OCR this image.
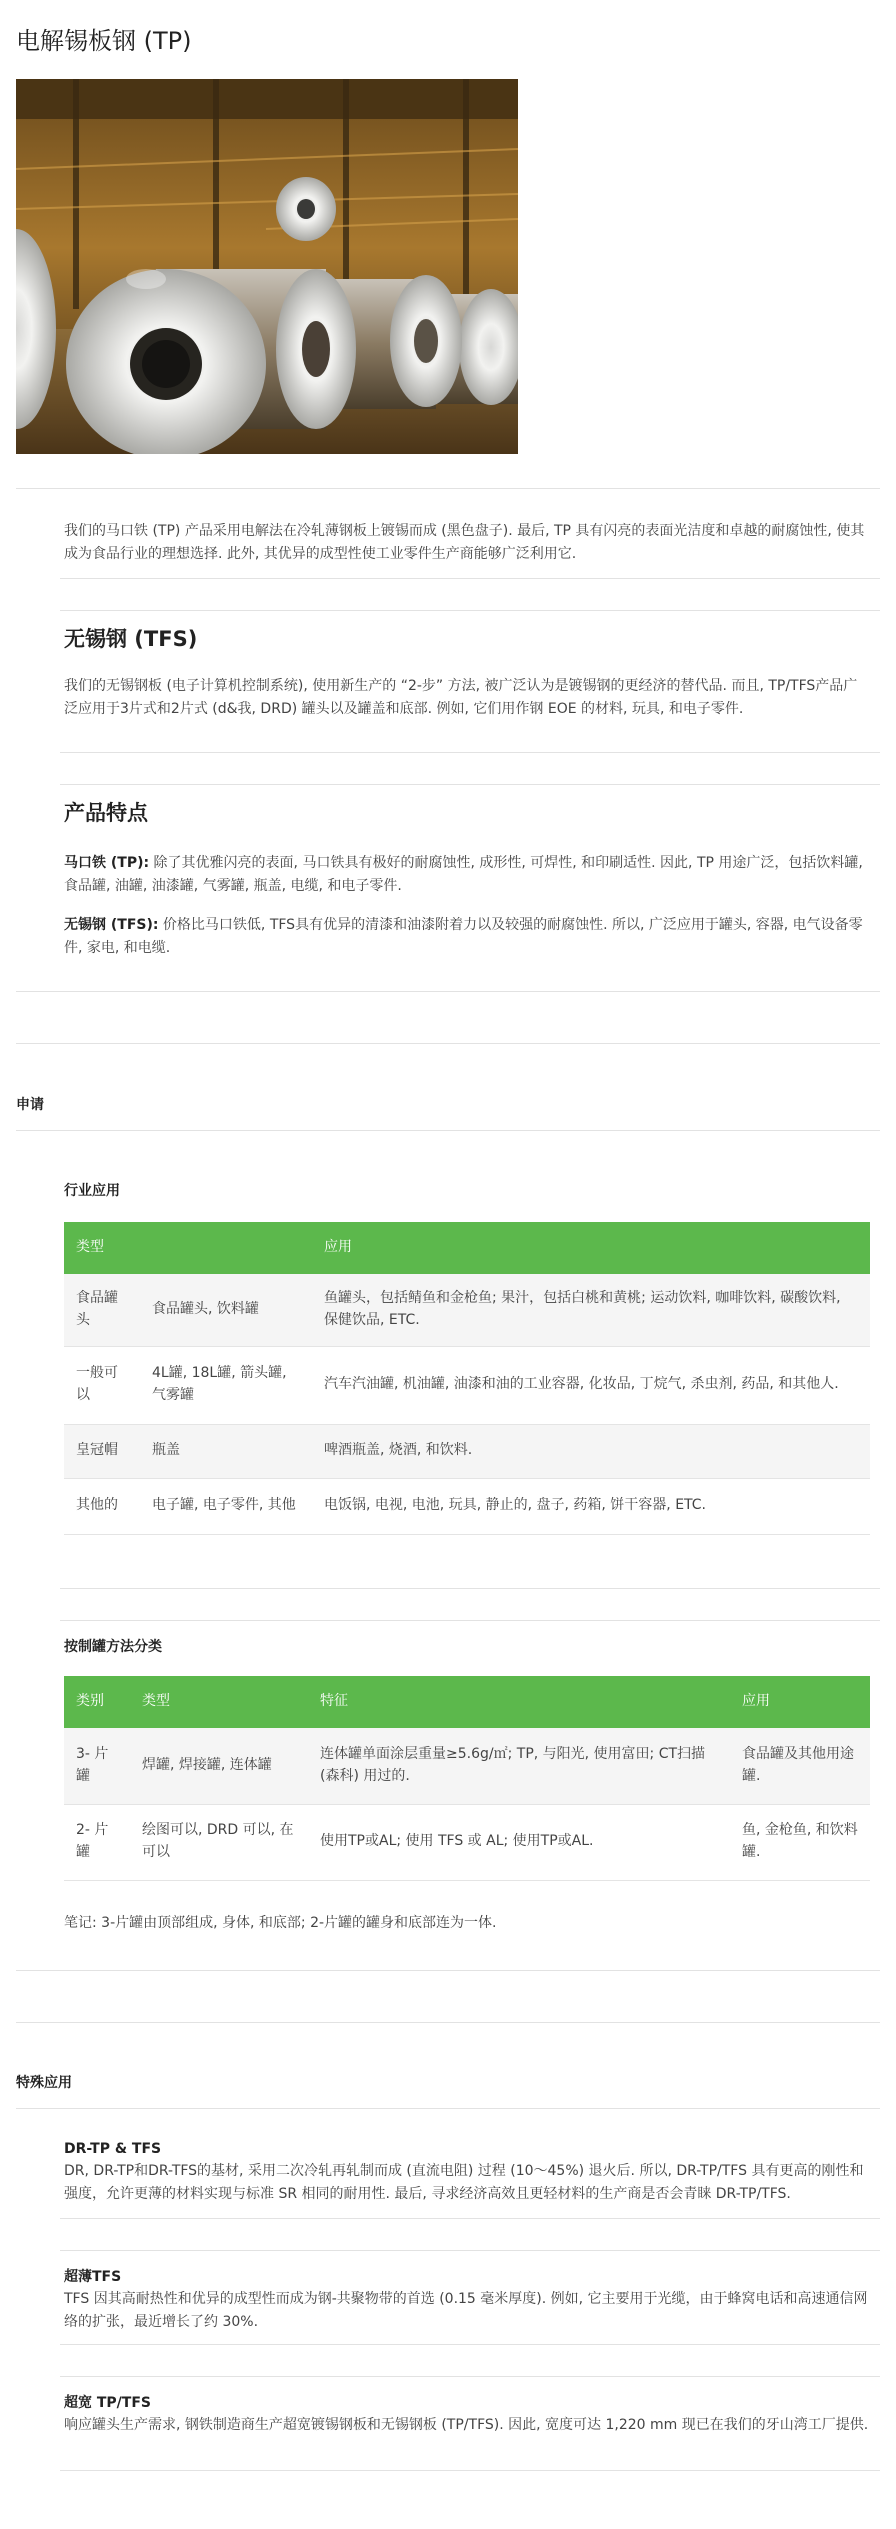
电解锡板钢 (TP)

我们的马口铁 (TP) 产品采用电解法在冷轧薄钢板上镀锡而成 (黑色盘子). 最后, TP 具有闪亮的表面光洁度和卓越的耐腐蚀性, 使其成为食品行业的理想选择. 此外, 其优异的成型性使工业零件生产商能够广泛利用它.

无锡钢 (TFS)

我们的无锡钢板 (电子计算机控制系统), 使用新生产的 “2-步” 方法, 被广泛认为是镀锡钢的更经济的替代品. 而且, TP/TFS产品广泛应用于3片式和2片式 (d&我, DRD) 罐头以及罐盖和底部. 例如, 它们用作钢 EOE 的材料, 玩具, 和电子零件.

产品特点

马口铁 (TP): 除了其优雅闪亮的表面, 马口铁具有极好的耐腐蚀性, 成形性, 可焊性, 和印刷适性. 因此, TP 用途广泛，包括饮料罐, 食品罐, 油罐, 油漆罐, 气雾罐, 瓶盖, 电缆, 和电子零件.

无锡钢 (TFS): 价格比马口铁低, TFS具有优异的清漆和油漆附着力以及较强的耐腐蚀性. 所以, 广泛应用于罐头, 容器, 电气设备零件, 家电, 和电缆.

申请
行业应用
类型		应用
食品罐头	食品罐头, 饮料罐	鱼罐头，包括鲭鱼和金枪鱼; 果汁，包括白桃和黄桃; 运动饮料, 咖啡饮料, 碳酸饮料, 保健饮品, ETC.
一般可以	4L罐, 18L罐, 箭头罐, 气雾罐	汽车汽油罐, 机油罐, 油漆和油的工业容器, 化妆品, 丁烷气, 杀虫剂, 药品, 和其他人.
皇冠帽	瓶盖	啤酒瓶盖, 烧酒, 和饮料.
其他的	电子罐, 电子零件, 其他	电饭锅, 电视, 电池, 玩具, 静止的, 盘子, 药箱, 饼干容器, ETC.
按制罐方法分类
类别	类型	特征	应用
3- 片罐	焊罐, 焊接罐, 连体罐	连体罐单面涂层重量≥5.6g/㎡; TP, 与阳光, 使用富田; CT扫描 (森科) 用过的.	食品罐及其他用途罐.
2- 片罐	绘图可以, DRD 可以, 在可以	使用TP或AL; 使用 TFS 或 AL; 使用TP或AL.	鱼, 金枪鱼, 和饮料罐.

笔记: 3-片罐由顶部组成, 身体, 和底部; 2-片罐的罐身和底部连为一体.

特殊应用
DR-TP & TFS

DR, DR-TP和DR-TFS的基材, 采用二次冷轧再轧制而成 (直流电阻) 过程 (10～45%) 退火后. 所以, DR-TP/TFS 具有更高的刚性和强度，允许更薄的材料实现与标准 SR 相同的耐用性. 最后, 寻求经济高效且更轻材料的生产商是否会青睐 DR-TP/TFS.

超薄TFS

TFS 因其高耐热性和优异的成型性而成为钢-共聚物带的首选 (0.15 毫米厚度). 例如, 它主要用于光缆，由于蜂窝电话和高速通信网络的扩张，最近增长了约 30%.

超宽 TP/TFS

响应罐头生产需求, 钢铁制造商生产超宽镀锡钢板和无锡钢板 (TP/TFS). 因此, 宽度可达 1,220 mm 现已在我们的牙山湾工厂提供.
